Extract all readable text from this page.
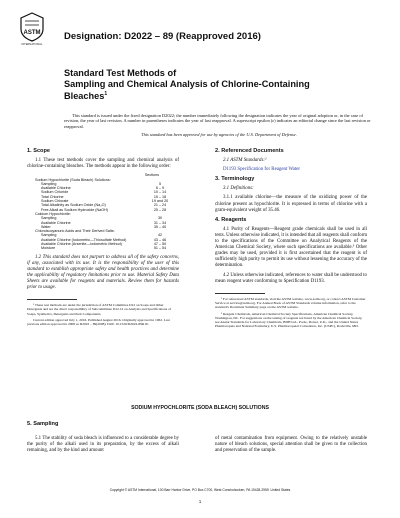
ASTM
INTERNATIONAL
Designation: D2022 – 89 (Reapproved 2016)
Standard Test Methods of
Sampling and Chemical Analysis of Chlorine-Containing
Bleaches$^1$

This standard is issued under the fixed designation D2022; the number immediately following the designation indicates the year of original adoption or, in the case of revision, the year of last revision. A number in parentheses indicates the year of last reapproval. A superscript epsilon (ε) indicates an editorial change since the last revision or reapproval.

This standard has been approved for use by agencies of the U.S. Department of Defense.

1. Scope

1.1 These test methods cover the sampling and chemical analysis of chlorine-containing bleaches. The methods appear in the following order:

Sections
Sodium Hypochlorite (Soda Bleach) Solutions:
Sampling	5
Available Chlorine	6 – 9
Sodium Chloride	10 – 14
Total Chlorine	15 – 18
Sodium Chlorate	19 and 20
Total Alkalinity as Sodium Oxide (Na₂O)	21 – 24
Free Alkali as Sodium Hydroxide (NaOH)	25 – 28
Calcium Hypochlorite:
Sampling	30
Available Chlorine	31 – 34
Water	35 – 40
Chloroisocyanuric Acids and Their Derived Salts:
Sampling	42
Available Chlorine (Iodometric—Thiosulfate Method)	43 – 46
Available Chlorine (Arsenite—Iodometric Method)	47 – 50
Moisture	51 – 54

1.2 This standard does not purport to address all of the safety concerns, if any, associated with its use. It is the responsibility of the user of this standard to establish appropriate safety and health practices and determine the applicability of regulatory limitations prior to use. Material Safety Data Sheets are available for reagents and materials. Review them for hazards prior to usage.

¹ These test methods are under the jurisdiction of ASTM Committee D12 on Soaps and Other Detergents and are the direct responsibility of Subcommittee D12.12 on Analysis and Specifications of Soaps, Synthetics, Detergents and their Components.

Current edition approved July 1, 2016. Published August 2016. Originally approved in 1962. Last previous edition approved in 2008 as D2022 – 89(2008). DOI: 10.1520/D2022-89R16.

2. Referenced Documents

2.1 ASTM Standards:²

D1193 Specification for Reagent Water

3. Terminology

3.1 Definitions:

3.1.1 available chlorine—the measure of the oxidizing power of the chlorine present as hypochlorite. It is expressed in terms of chlorine with a gram-equivalent weight of 35.46.

4. Reagents

4.1 Purity of Reagents—Reagent grade chemicals shall be used in all tests. Unless otherwise indicated, it is intended that all reagents shall conform to the specifications of the Committee on Analytical Reagents of the American Chemical Society, where such specifications are available.³ Other grades may be used, provided it is first ascertained that the reagent is of sufficiently high purity to permit its use without lessening the accuracy of the determination.

4.2 Unless otherwise indicated, references to water shall be understood to mean reagent water conforming to Specification D1193.

² For referenced ASTM standards, visit the ASTM website, www.astm.org, or contact ASTM Customer Service at service@astm.org. For Annual Book of ASTM Standards volume information, refer to the standard's Document Summary page on the ASTM website.

³ Reagent Chemicals, American Chemical Society Specifications, American Chemical Society, Washington, DC. For suggestions on the testing of reagents not listed by the American Chemical Society, see Analar Standards for Laboratory Chemicals, BDH Ltd., Poole, Dorset, U.K., and the United States Pharmacopeia and National Formulary, U.S. Pharmacopeial Convention, Inc. (USPC), Rockville, MD.

SODIUM HYPOCHLORITE (SODA BLEACH) SOLUTIONS
5. Sampling
5.1 The stability of soda bleach is influenced to a considerable degree by the purity of the alkali used in its preparation, by the excess of alkali remaining, and by the kind and amount
of metal contamination from equipment. Owing to the relatively unstable nature of bleach solutions, special attention shall be given to the collection and preservation of the sample.
Copyright © ASTM International, 100 Barr Harbor Drive, PO Box C700, West Conshohocken, PA 19428-2959. United States
1
